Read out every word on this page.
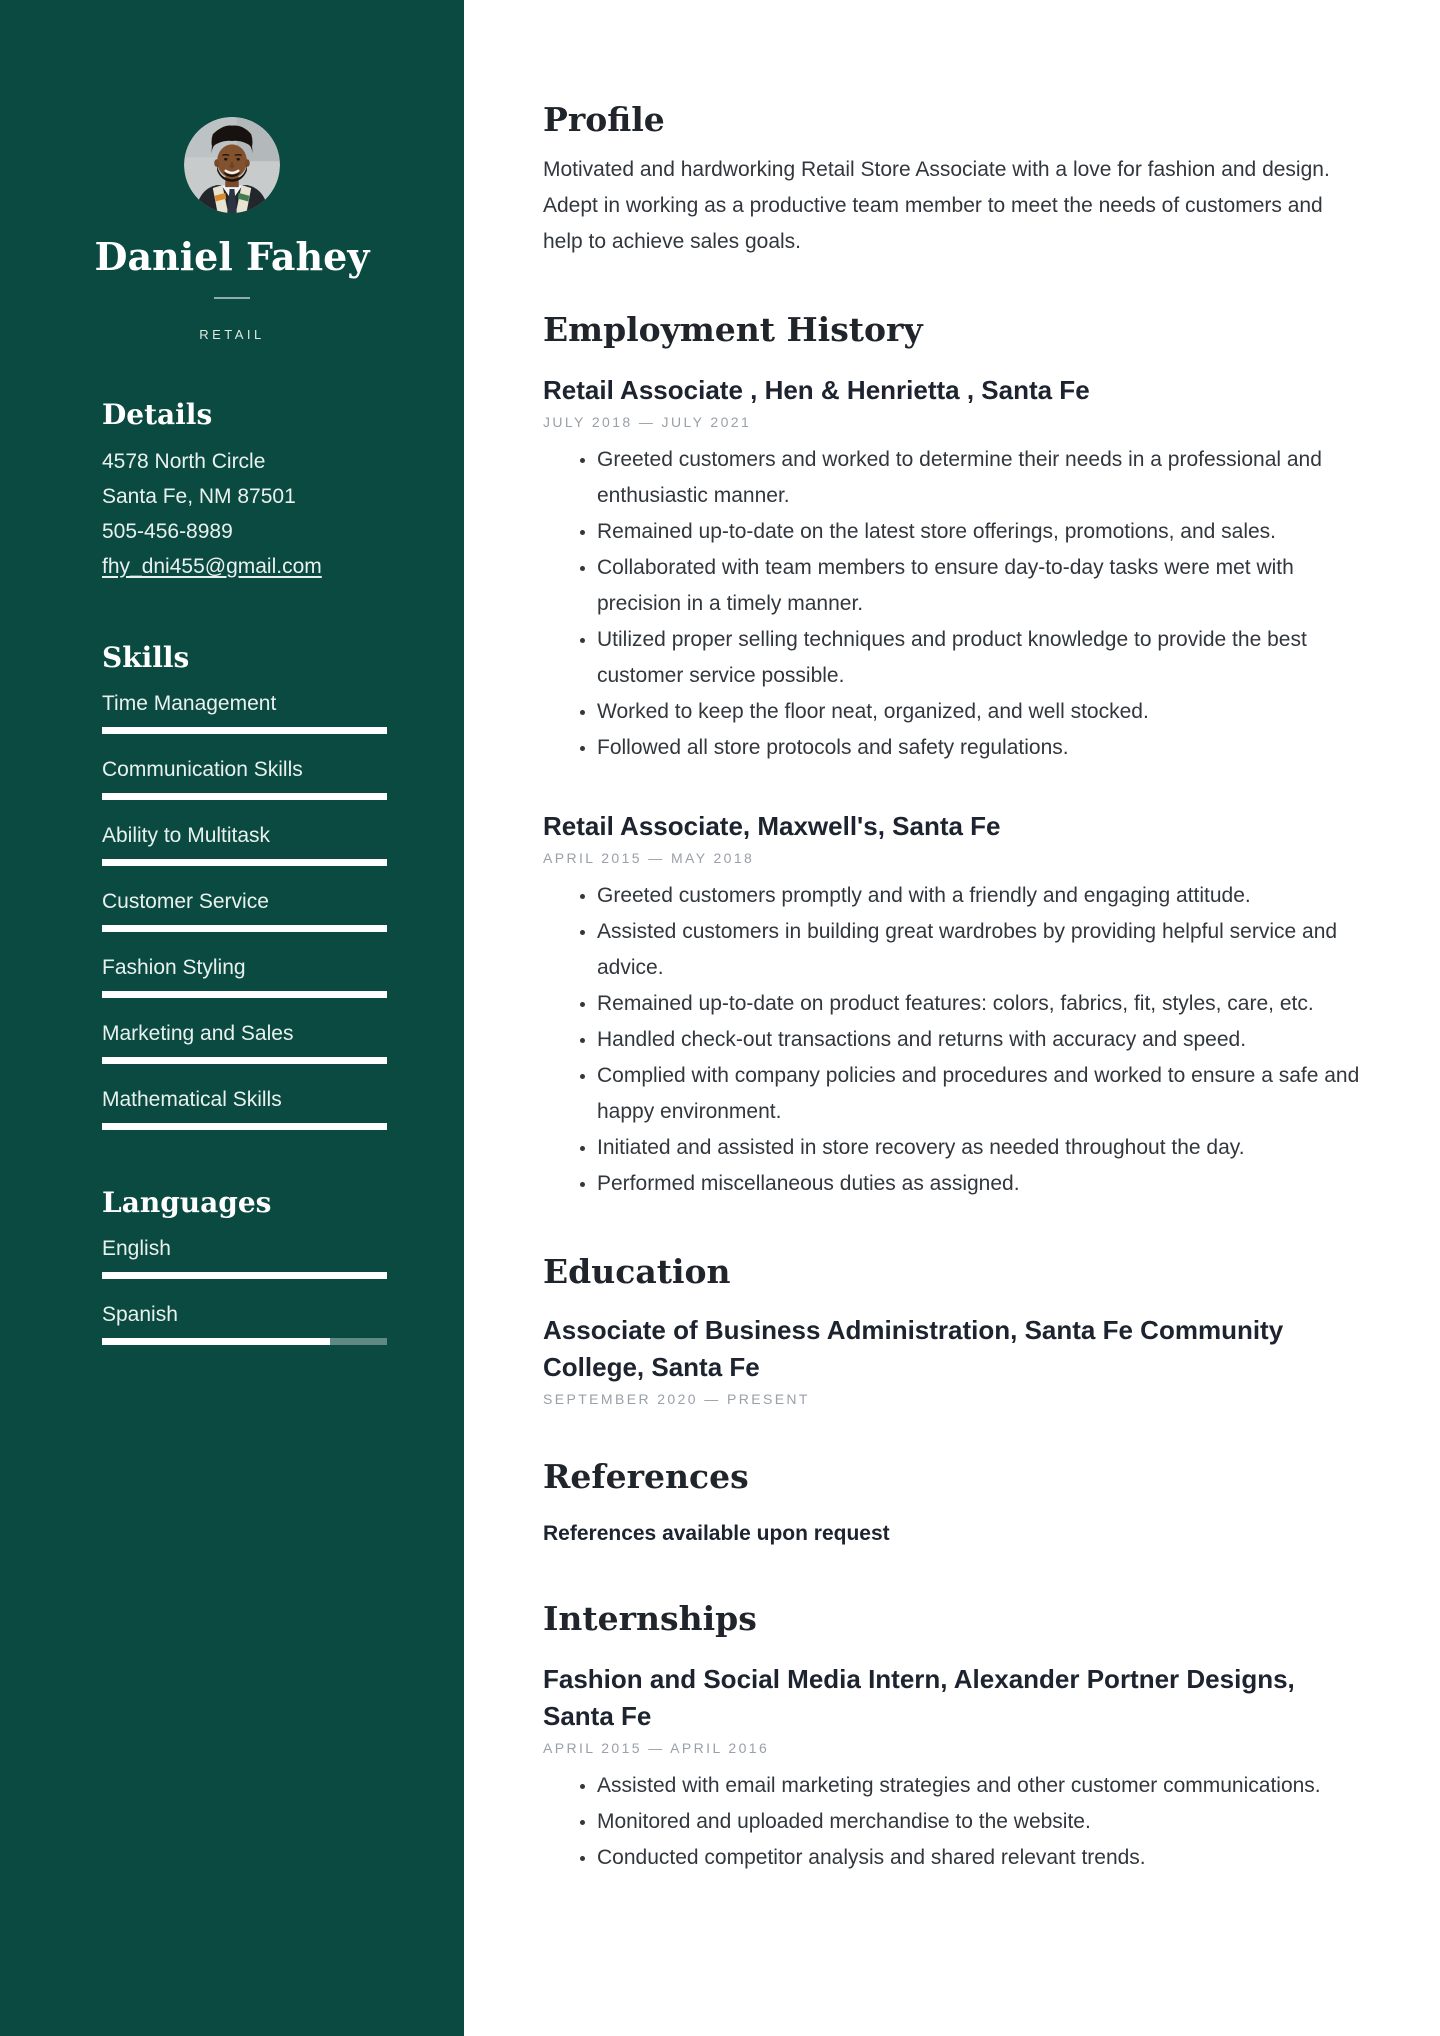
Daniel Fahey
RETAIL
Details
4578 North Circle
Santa Fe, NM 87501
505-456-8989
fhy_dni455@gmail.com
Skills
Time Management
Communication Skills
Ability to Multitask
Customer Service
Fashion Styling
Marketing and Sales
Mathematical Skills
Languages
English
Spanish
Profile

Motivated and hardworking Retail Store Associate with a love for fashion and design. Adept in working as a productive team member to meet the needs of customers and help to achieve sales goals.

Employment History
Retail Associate , Hen & Henrietta , Santa Fe
JULY 2018 — JULY 2021
• Greeted customers and worked to determine their needs in a professional and enthusiastic manner.
• Remained up-to-date on the latest store offerings, promotions, and sales.
• Collaborated with team members to ensure day-to-day tasks were met with precision in a timely manner.
• Utilized proper selling techniques and product knowledge to provide the best customer service possible.
• Worked to keep the floor neat, organized, and well stocked.
• Followed all store protocols and safety regulations.
Retail Associate, Maxwell's, Santa Fe
APRIL 2015 — MAY 2018
• Greeted customers promptly and with a friendly and engaging attitude.
• Assisted customers in building great wardrobes by providing helpful service and advice.
• Remained up-to-date on product features: colors, fabrics, fit, styles, care, etc.
• Handled check-out transactions and returns with accuracy and speed.
• Complied with company policies and procedures and worked to ensure a safe and happy environment.
• Initiated and assisted in store recovery as needed throughout the day.
• Performed miscellaneous duties as assigned.
Education
Associate of Business Administration, Santa Fe Community College, Santa Fe
SEPTEMBER 2020 — PRESENT
References
References available upon request
Internships
Fashion and Social Media Intern, Alexander Portner Designs, Santa Fe
APRIL 2015 — APRIL 2016
• Assisted with email marketing strategies and other customer communications.
• Monitored and uploaded merchandise to the website.
• Conducted competitor analysis and shared relevant trends.
